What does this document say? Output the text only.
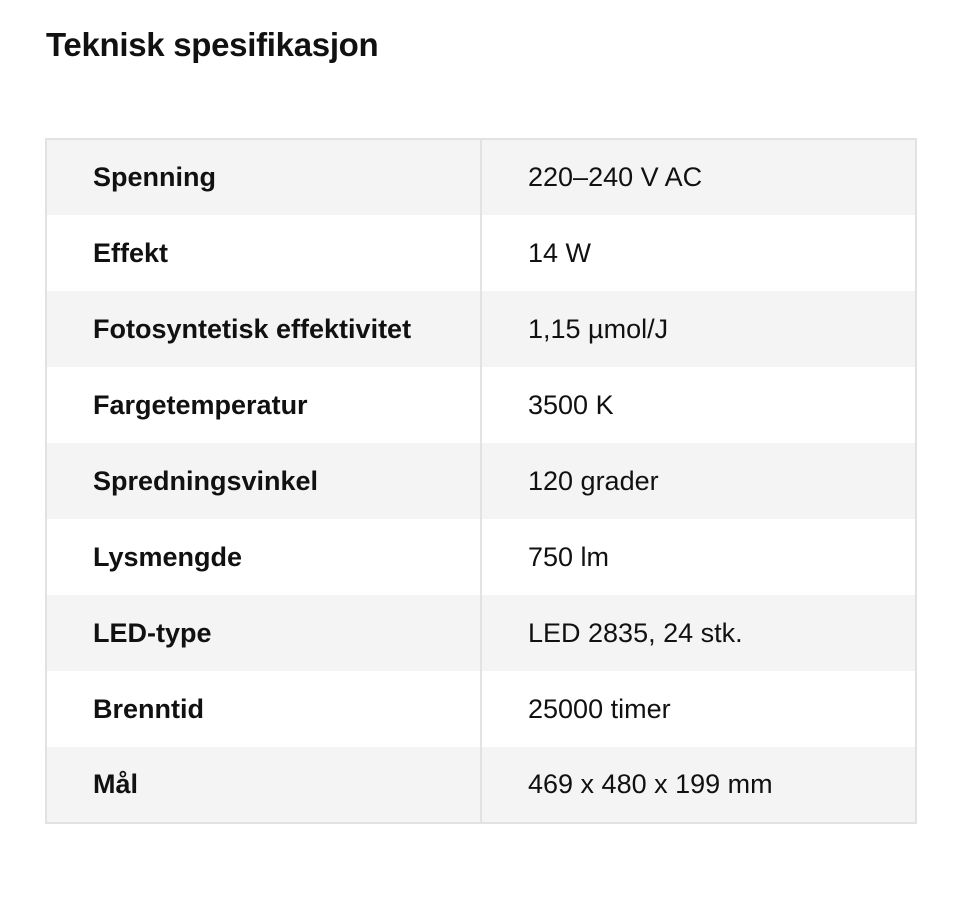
Teknisk spesifikasjon
Spenning	220–240 V AC
Effekt	14 W
Fotosyntetisk effektivitet	1,15 µmol/J
Fargetemperatur	3500 K
Spredningsvinkel	120 grader
Lysmengde	750 lm
LED-type	LED 2835, 24 stk.
Brenntid	25000 timer
Mål	469 x 480 x 199 mm
